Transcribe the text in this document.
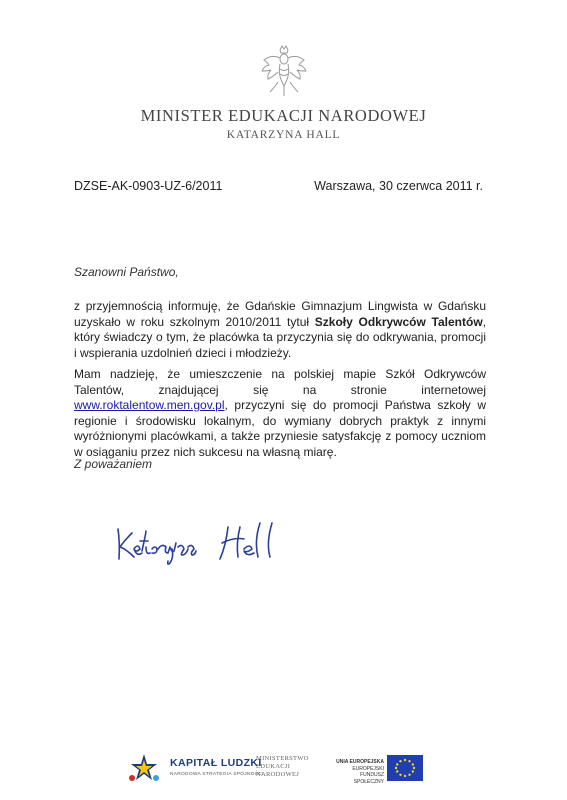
MINISTER EDUKACJI NARODOWEJ
KATARZYNA HALL
DZSE-AK-0903-UZ-6/2011	Warszawa, 30 czerwca 2011 r.
Szanowni Państwo,
z przyjemnością informuję, że Gdańskie Gimnazjum Lingwista w Gdańsku uzyskało w roku szkolnym 2010/2011 tytuł Szkoły Odkrywców Talentów, który świadczy o tym, że placówka ta przyczynia się do odkrywania, promocji i wspierania uzdolnień dzieci i młodzieży.
Mam nadzieję, że umieszczenie na polskiej mapie Szkół Odkrywców Talentów, znajdującej się na stronie internetowej www.roktalentow.men.gov.pl, przyczyni się do promocji Państwa szkoły w regionie i środowisku lokalnym, do wymiany dobrych praktyk z innymi wyróżnionymi placówkami, a także przyniesie satysfakcję z pomocy uczniom w osiąganiu przez nich sukcesu na własną miarę.
Z poważaniem
KAPITAŁ LUDZKI
NARODOWA STRATEGIA SPÓJNOŚCI
MINISTERSTWO
EDUKACJI
NARODOWEJ
UNIA EUROPEJSKA
EUROPEJSKI
FUNDUSZ SPOŁECZNY
